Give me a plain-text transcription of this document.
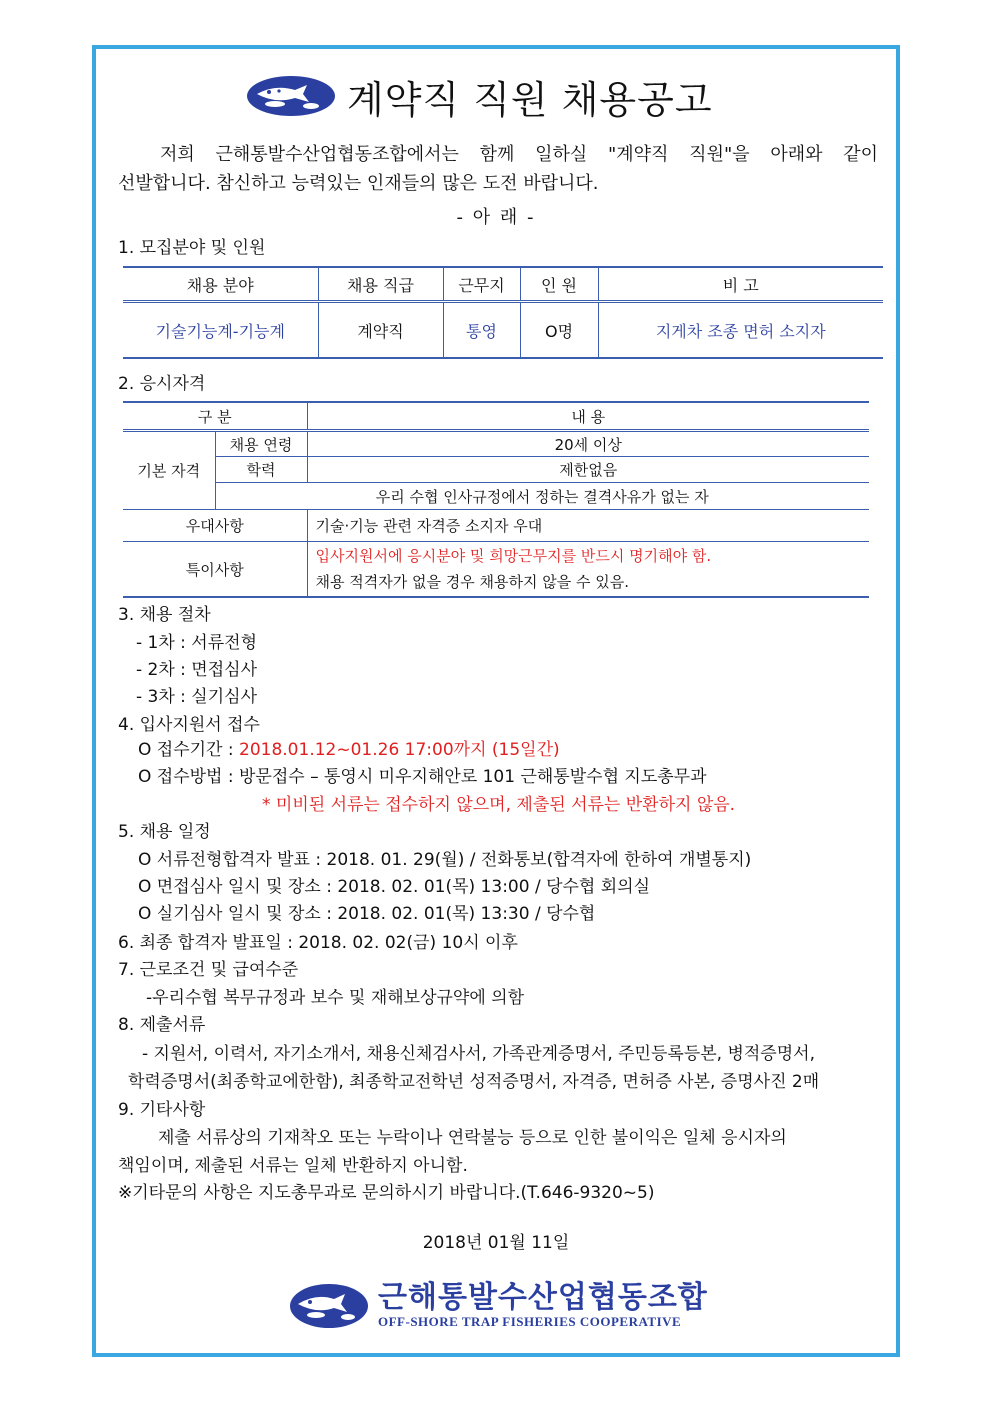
계약직 직원 채용공고
저희 근해통발수산업협동조합에서는 함께 일하실 "계약직 직원"을 아래와 같이
선발합니다. 참신하고 능력있는 인재들의 많은 도전 바랍니다.
- 아 래 -
1. 모집분야 및 인원
채용 분야	채용 직급	근무지	인 원	비 고
기술기능계-기능계	계약직	통영	O명	지게차 조종 면허 소지자
2. 응시자격
구 분		내 용
기본 자격	채용 연령	20세 이상
	학력	제한없음
	우리 수협 인사규정에서 정하는 결격사유가 없는 자	
우대사항		기술·기능 관련 자격증 소지자 우대
특이사항		입사지원서에 응시분야 및 희망근무지를 반드시 명기해야 함.
채용 적격자가 없을 경우 채용하지 않을 수 있음.
3. 채용 절차
- 1차 : 서류전형
- 2차 : 면접심사
- 3차 : 실기심사
4. 입사지원서 접수
O 접수기간 : 2018.01.12~01.26 17:00까지 (15일간)
O 접수방법 : 방문접수 – 통영시 미우지해안로 101 근해통발수협 지도총무과
* 미비된 서류는 접수하지 않으며, 제출된 서류는 반환하지 않음.
5. 채용 일정
O 서류전형합격자 발표 : 2018. 01. 29(월) / 전화통보(합격자에 한하여 개별통지)
O 면접심사 일시 및 장소 : 2018. 02. 01(목) 13:00 / 당수협 회의실
O 실기심사 일시 및 장소 : 2018. 02. 01(목) 13:30 / 당수협
6. 최종 합격자 발표일 : 2018. 02. 02(금) 10시 이후
7. 근로조건 및 급여수준
-우리수협 복무규정과 보수 및 재해보상규약에 의함
8. 제출서류
- 지원서, 이력서, 자기소개서, 채용신체검사서, 가족관계증명서, 주민등록등본, 병적증명서,
학력증명서(최종학교에한함), 최종학교전학년 성적증명서, 자격증, 면허증 사본, 증명사진 2매
9. 기타사항
제출 서류상의 기재착오 또는 누락이나 연락불능 등으로 인한 불이익은 일체 응시자의
책임이며, 제출된 서류는 일체 반환하지 아니함.
※기타문의 사항은 지도총무과로 문의하시기 바랍니다.(T.646-9320~5)
2018년 01월 11일
근해통발수산업협동조합
OFF-SHORE TRAP FISHERIES COOPERATIVE
